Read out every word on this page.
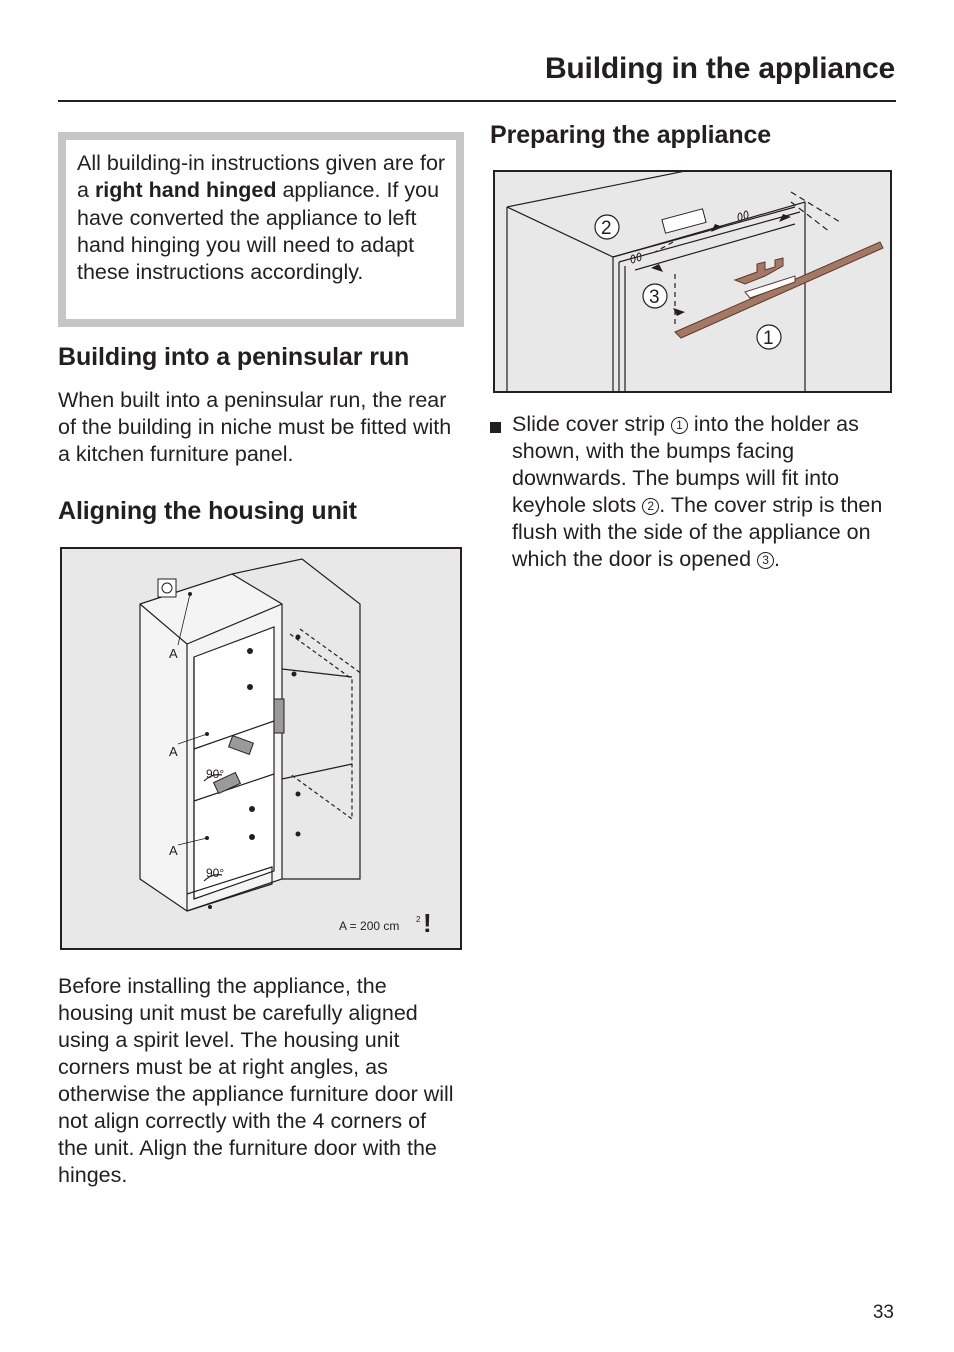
Building in the appliance

All building-in instructions given are for a right hand hinged appliance. If you have converted the appliance to left hand hinging you will need to adapt these instructions accordingly.

Building into a peninsular run

When built into a peninsular run, the rear of the building in niche must be fitted with a kitchen furniture panel.

Aligning the housing unit
A
A
A
90°
90°
A = 200 cm 2 !

Before installing the appliance, the housing unit must be carefully aligned using a spirit level. The housing unit corners must be at right angles, as otherwise the appliance furniture door will not align correctly with the 4 corners of the unit. Align the furniture door with the hinges.

Preparing the appliance
2
3
1

Slide cover strip 1 into the holder as shown, with the bumps facing downwards. The bumps will fit into keyhole slots 2 . The cover strip is then flush with the side of the appliance on which the door is opened 3 .

33
